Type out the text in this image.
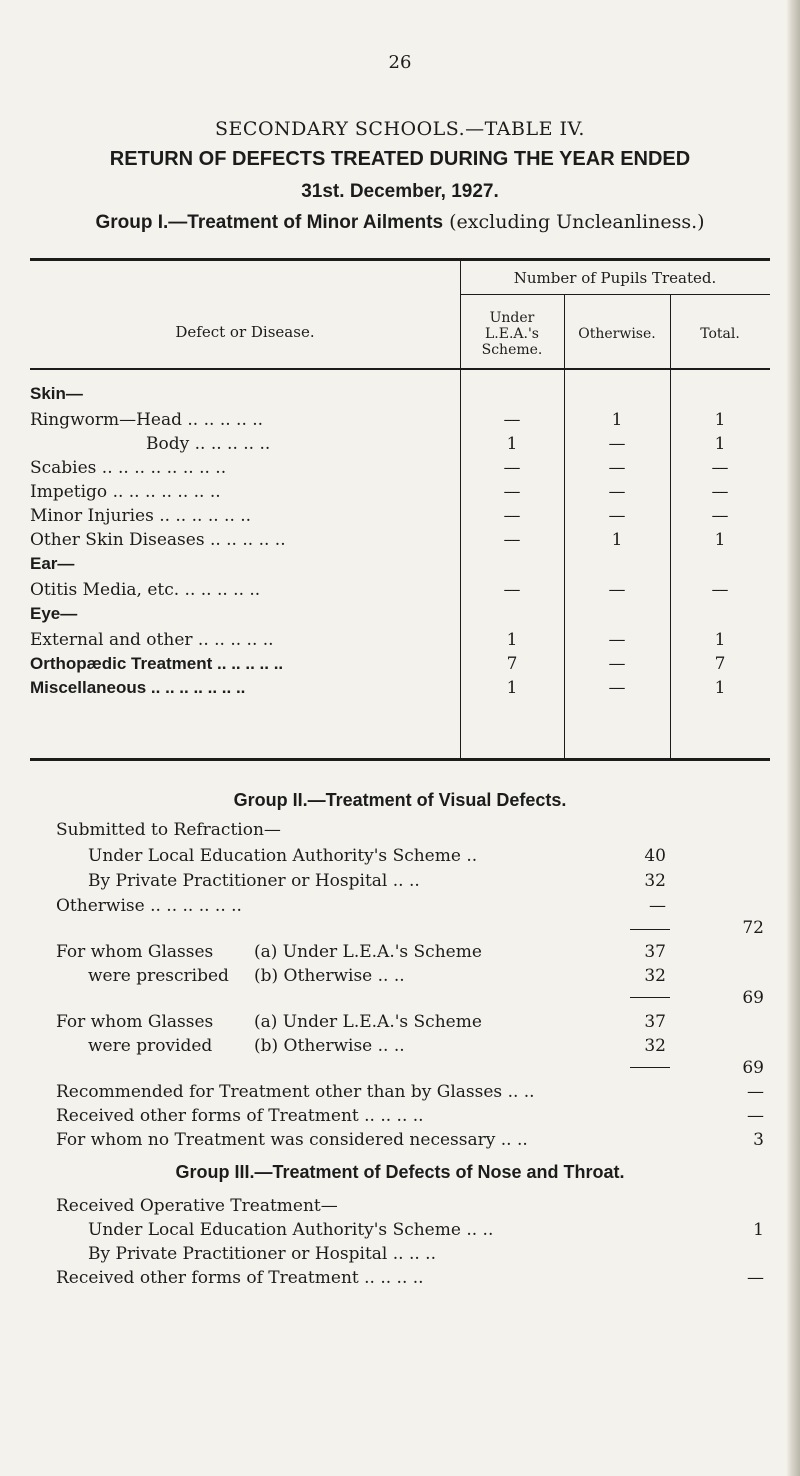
26
SECONDARY SCHOOLS.—TABLE IV.
RETURN OF DEFECTS TREATED DURING THE YEAR ENDED
31st. December, 1927.
Group I.—Treatment of Minor Ailments (excluding Uncleanliness.)
Defect or Disease.
Number of Pupils Treated.
Under
L.E.A.'s
Scheme.
Otherwise.	Total.
Skin—
Ringworm—Head .. .. .. .. ..	—	1	1
Body .. .. .. .. ..	1	—	1
Scabies .. .. .. .. .. .. .. ..	—	—	—
Impetigo .. .. .. .. .. .. ..	—	—	—
Minor Injuries .. .. .. .. .. ..	—	—	—
Other Skin Diseases .. .. .. .. ..	—	1	1
Ear—
Otitis Media, etc. .. .. .. .. ..	—	—	—
Eye—
External and other .. .. .. .. ..	1	—	1
Orthopædic Treatment .. .. .. .. ..	7	—	7
Miscellaneous .. .. .. .. .. .. ..	1	—	1
Group II.—Treatment of Visual Defects.
Submitted to Refraction—
Under Local Education Authority's Scheme ..	40
By Private Practitioner or Hospital .. ..	32
Otherwise .. .. .. .. .. ..	—
72
For whom Glasses
were prescribed
(a) Under L.E.A.'s Scheme	37
(b) Otherwise .. ..	32
69
For whom Glasses
were provided
(a) Under L.E.A.'s Scheme	37
(b) Otherwise .. ..	32
69
Recommended for Treatment other than by Glasses .. ..	—
Received other forms of Treatment .. .. .. ..	—
For whom no Treatment was considered necessary .. ..	3
Group III.—Treatment of Defects of Nose and Throat.
Received Operative Treatment—
Under Local Education Authority's Scheme .. ..	1
By Private Practitioner or Hospital .. .. ..
Received other forms of Treatment .. .. .. ..	—
